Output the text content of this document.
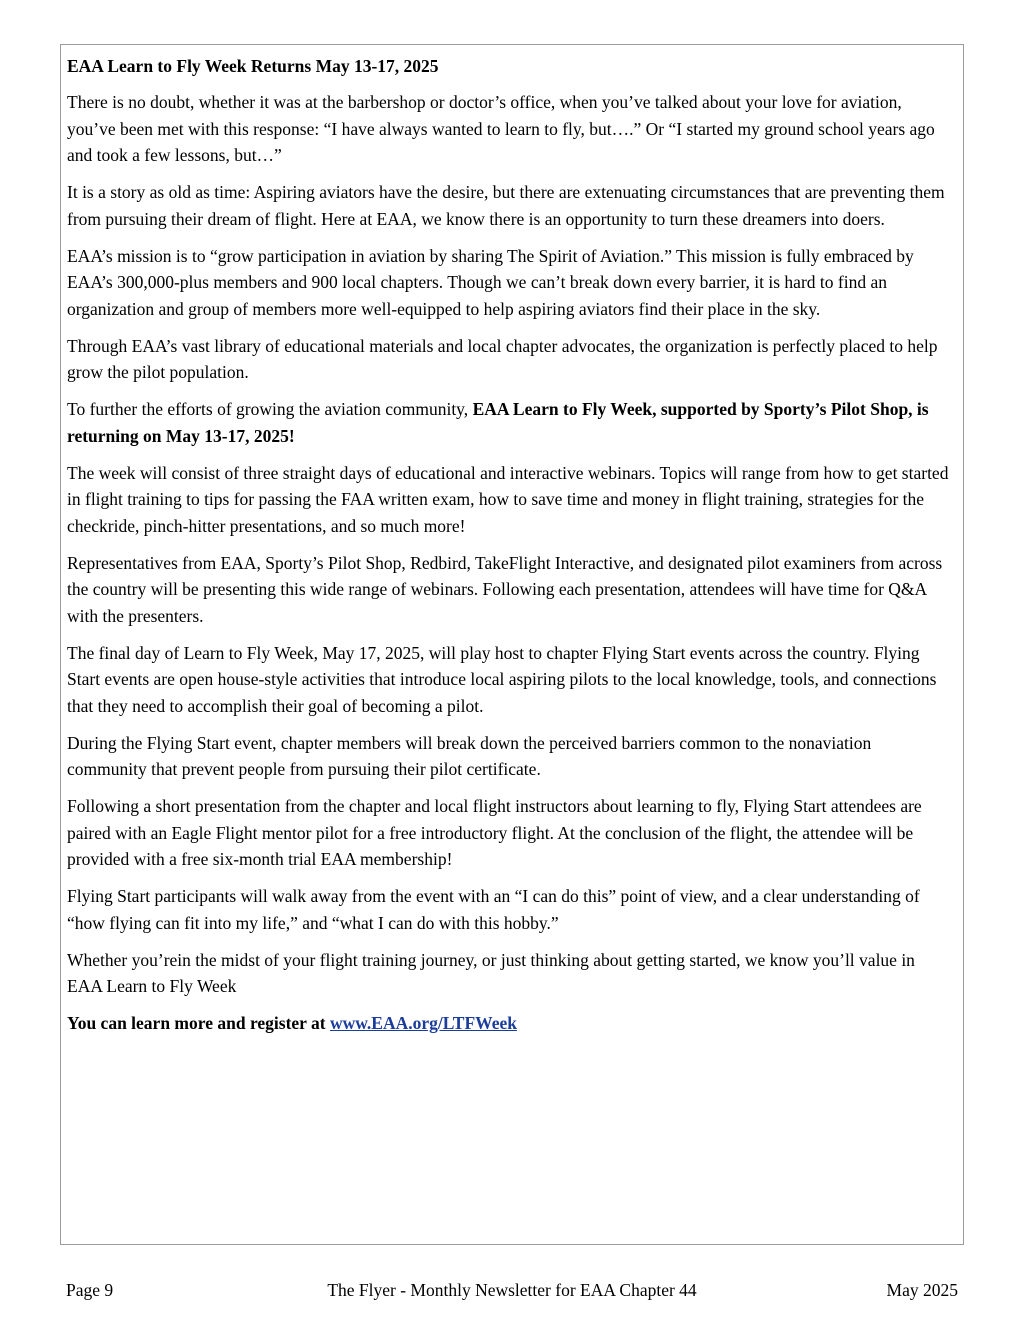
EAA Learn to Fly Week Returns May 13-17, 2025

There is no doubt, whether it was at the barbershop or doctor’s office, when you’ve talked about your love for aviation, you’ve been met with this response: “I have always wanted to learn to fly, but….” Or “I started my ground school years ago and took a few lessons, but…”

It is a story as old as time: Aspiring aviators have the desire, but there are extenuating circumstances that are preventing them from pursuing their dream of flight. Here at EAA, we know there is an opportunity to turn these dreamers into doers.

EAA’s mission is to “grow participation in aviation by sharing The Spirit of Aviation.” This mission is fully embraced by EAA’s 300,000-plus members and 900 local chapters. Though we can’t break down every barrier, it is hard to find an organization and group of members more well-equipped to help aspiring aviators find their place in the sky.

Through EAA’s vast library of educational materials and local chapter advocates, the organization is perfectly placed to help grow the pilot population.

To further the efforts of growing the aviation community, EAA Learn to Fly Week, supported by Sporty’s Pilot Shop, is returning on May 13-17, 2025!

The week will consist of three straight days of educational and interactive webinars. Topics will range from how to get started in flight training to tips for passing the FAA written exam, how to save time and money in flight training, strategies for the checkride, pinch-hitter presentations, and so much more!

Representatives from EAA, Sporty’s Pilot Shop, Redbird, TakeFlight Interactive, and designated pilot examiners from across the country will be presenting this wide range of webinars. Following each presentation, attendees will have time for Q&A with the presenters.

The final day of Learn to Fly Week, May 17, 2025, will play host to chapter Flying Start events across the country. Flying Start events are open house-style activities that introduce local aspiring pilots to the local knowledge, tools, and connections that they need to accomplish their goal of becoming a pilot.

During the Flying Start event, chapter members will break down the perceived barriers common to the nonaviation community that prevent people from pursuing their pilot certificate.

Following a short presentation from the chapter and local flight instructors about learning to fly, Flying Start attendees are paired with an Eagle Flight mentor pilot for a free introductory flight. At the conclusion of the flight, the attendee will be provided with a free six-month trial EAA membership!

Flying Start participants will walk away from the event with an “I can do this” point of view, and a clear understanding of “how flying can fit into my life,” and “what I can do with this hobby.”

Whether you’rein the midst of your flight training journey, or just thinking about getting started, we know you’ll value in EAA Learn to Fly Week

You can learn more and register at www.EAA.org/LTFWeek

Page 9	The Flyer - Monthly Newsletter for EAA Chapter 44	May 2025
